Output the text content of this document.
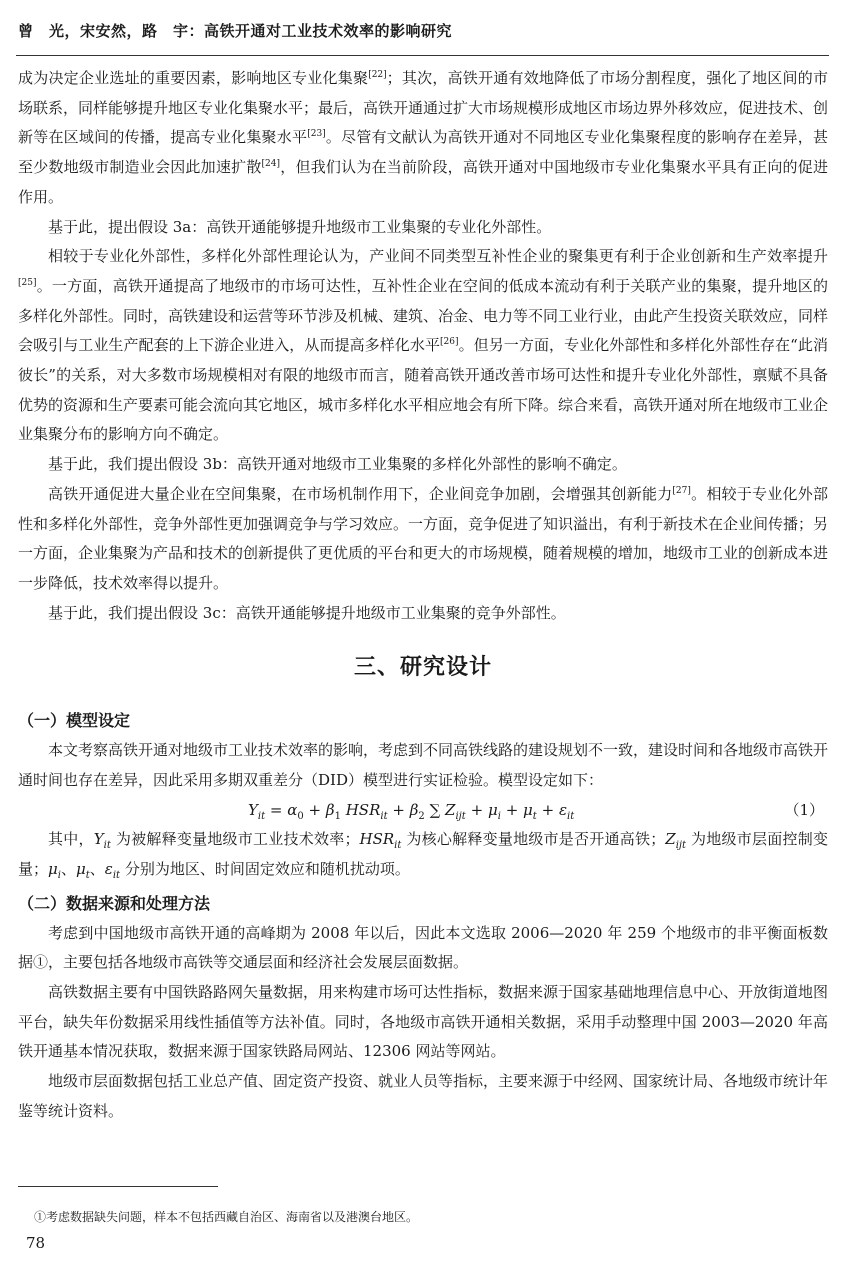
曾　光，宋安然，路　宇：高铁开通对工业技术效率的影响研究

成为决定企业选址的重要因素，影响地区专业化集聚[22]；其次，高铁开通有效地降低了市场分割程度，强化了地区间的市场联系，同样能够提升地区专业化集聚水平；最后，高铁开通通过扩大市场规模形成地区市场边界外移效应，促进技术、创新等在区域间的传播，提高专业化集聚水平[23]。尽管有文献认为高铁开通对不同地区专业化集聚程度的影响存在差异，甚至少数地级市制造业会因此加速扩散[24]，但我们认为在当前阶段，高铁开通对中国地级市专业化集聚水平具有正向的促进作用。

基于此，提出假设 3a：高铁开通能够提升地级市工业集聚的专业化外部性。

相较于专业化外部性，多样化外部性理论认为，产业间不同类型互补性企业的聚集更有利于企业创新和生产效率提升[25]。一方面，高铁开通提高了地级市的市场可达性，互补性企业在空间的低成本流动有利于关联产业的集聚，提升地区的多样化外部性。同时，高铁建设和运营等环节涉及机械、建筑、冶金、电力等不同工业行业，由此产生投资关联效应，同样会吸引与工业生产配套的上下游企业进入，从而提高多样化水平[26]。但另一方面，专业化外部性和多样化外部性存在“此消彼长”的关系，对大多数市场规模相对有限的地级市而言，随着高铁开通改善市场可达性和提升专业化外部性，禀赋不具备优势的资源和生产要素可能会流向其它地区，城市多样化水平相应地会有所下降。综合来看，高铁开通对所在地级市工业企业集聚分布的影响方向不确定。

基于此，我们提出假设 3b：高铁开通对地级市工业集聚的多样化外部性的影响不确定。

高铁开通促进大量企业在空间集聚，在市场机制作用下，企业间竞争加剧，会增强其创新能力[27]。相较于专业化外部性和多样化外部性，竞争外部性更加强调竞争与学习效应。一方面，竞争促进了知识溢出，有利于新技术在企业间传播；另一方面，企业集聚为产品和技术的创新提供了更优质的平台和更大的市场规模，随着规模的增加，地级市工业的创新成本进一步降低，技术效率得以提升。

基于此，我们提出假设 3c：高铁开通能够提升地级市工业集聚的竞争外部性。

三、研究设计
（一）模型设定

本文考察高铁开通对地级市工业技术效率的影响，考虑到不同高铁线路的建设规划不一致，建设时间和各地级市高铁开通时间也存在差异，因此采用多期双重差分（DID）模型进行实证检验。模型设定如下：

$Y_{it} = \alpha_0 + \beta_1$ $HSR_{it} + \beta_2$ ∑ $Z_{ijt} + \mu_i + \mu_t + \varepsilon_{it}$	（1）

其中，$Y_{it}$ 为被解释变量地级市工业技术效率；$HSR_{it}$ 为核心解释变量地级市是否开通高铁；$Z_{ijt}$ 为地级市层面控制变量；$\mu_i$、$\mu_t$、$\varepsilon_{it}$ 分别为地区、时间固定效应和随机扰动项。

（二）数据来源和处理方法

考虑到中国地级市高铁开通的高峰期为 2008 年以后，因此本文选取 2006—2020 年 259 个地级市的非平衡面板数据①，主要包括各地级市高铁等交通层面和经济社会发展层面数据。

高铁数据主要有中国铁路路网矢量数据，用来构建市场可达性指标，数据来源于国家基础地理信息中心、开放街道地图平台，缺失年份数据采用线性插值等方法补值。同时，各地级市高铁开通相关数据，采用手动整理中国 2003—2020 年高铁开通基本情况获取，数据来源于国家铁路局网站、12306 网站等网站。

地级市层面数据包括工业总产值、固定资产投资、就业人员等指标，主要来源于中经网、国家统计局、各地级市统计年鉴等统计资料。

①考虑数据缺失问题，样本不包括西藏自治区、海南省以及港澳台地区。
78
